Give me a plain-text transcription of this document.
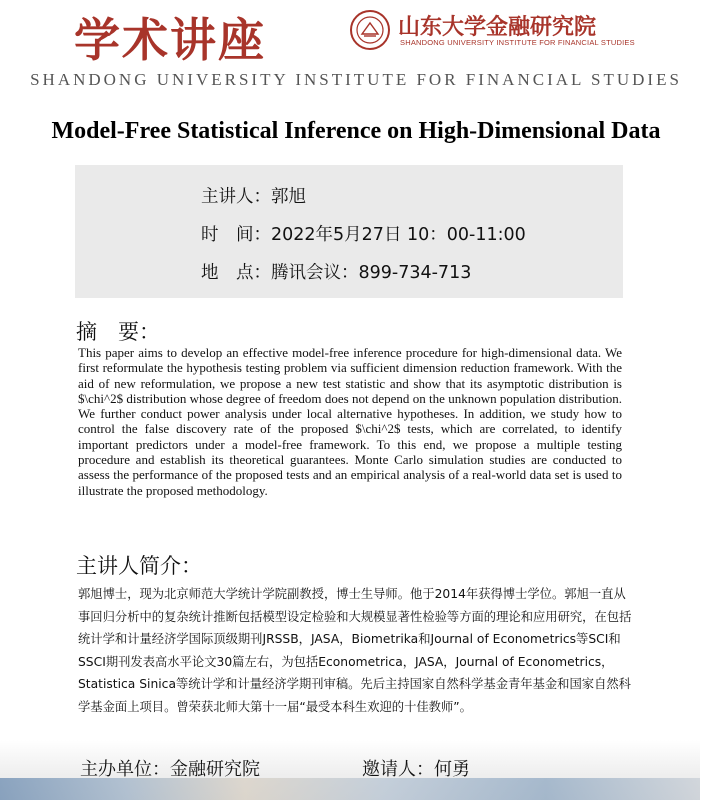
学术讲座	山东大学金融研究院
SHANDONG UNIVERSITY INSTITUTE FOR FINANCIAL STUDIES
SHANDONG UNIVERSITY INSTITUTE FOR FINANCIAL STUDIES
Model-Free Statistical Inference on High-Dimensional Data
主讲人：郭旭
时　间：2022年5月27日 10：00-11:00
地　点：腾讯会议：899-734-713
摘　要：

This paper aims to develop an effective model-free inference procedure for high-dimensional data. We first reformulate the hypothesis testing problem via sufficient dimension reduction framework. With the aid of new reformulation, we propose a new test statistic and show that its asymptotic distribution is $\chi^2$ distribution whose degree of freedom does not depend on the unknown population distribution. We further conduct power analysis under local alternative hypotheses. In addition, we study how to control the false discovery rate of the proposed $\chi^2$ tests, which are correlated, to identify important predictors under a model-free framework. To this end, we propose a multiple testing procedure and establish its theoretical guarantees. Monte Carlo simulation studies are conducted to assess the performance of the proposed tests and an empirical analysis of a real-world data set is used to illustrate the proposed methodology.

主讲人简介：

郭旭博士，现为北京师范大学统计学院副教授，博士生导师。他于2014年获得博士学位。郭旭一直从事回归分析中的复杂统计推断包括模型设定检验和大规模显著性检验等方面的理论和应用研究，在包括统计学和计量经济学国际顶级期刊JRSSB，JASA，Biometrika和Journal of Econometrics等SCI和SSCI期刊发表高水平论文30篇左右，为包括Econometrica，JASA，Journal of Econometrics，Statistica Sinica等统计学和计量经济学期刊审稿。先后主持国家自然科学基金青年基金和国家自然科学基金面上项目。曾荣获北师大第十一届“最受本科生欢迎的十佳教师”。

主办单位：金融研究院	邀请人：何勇
